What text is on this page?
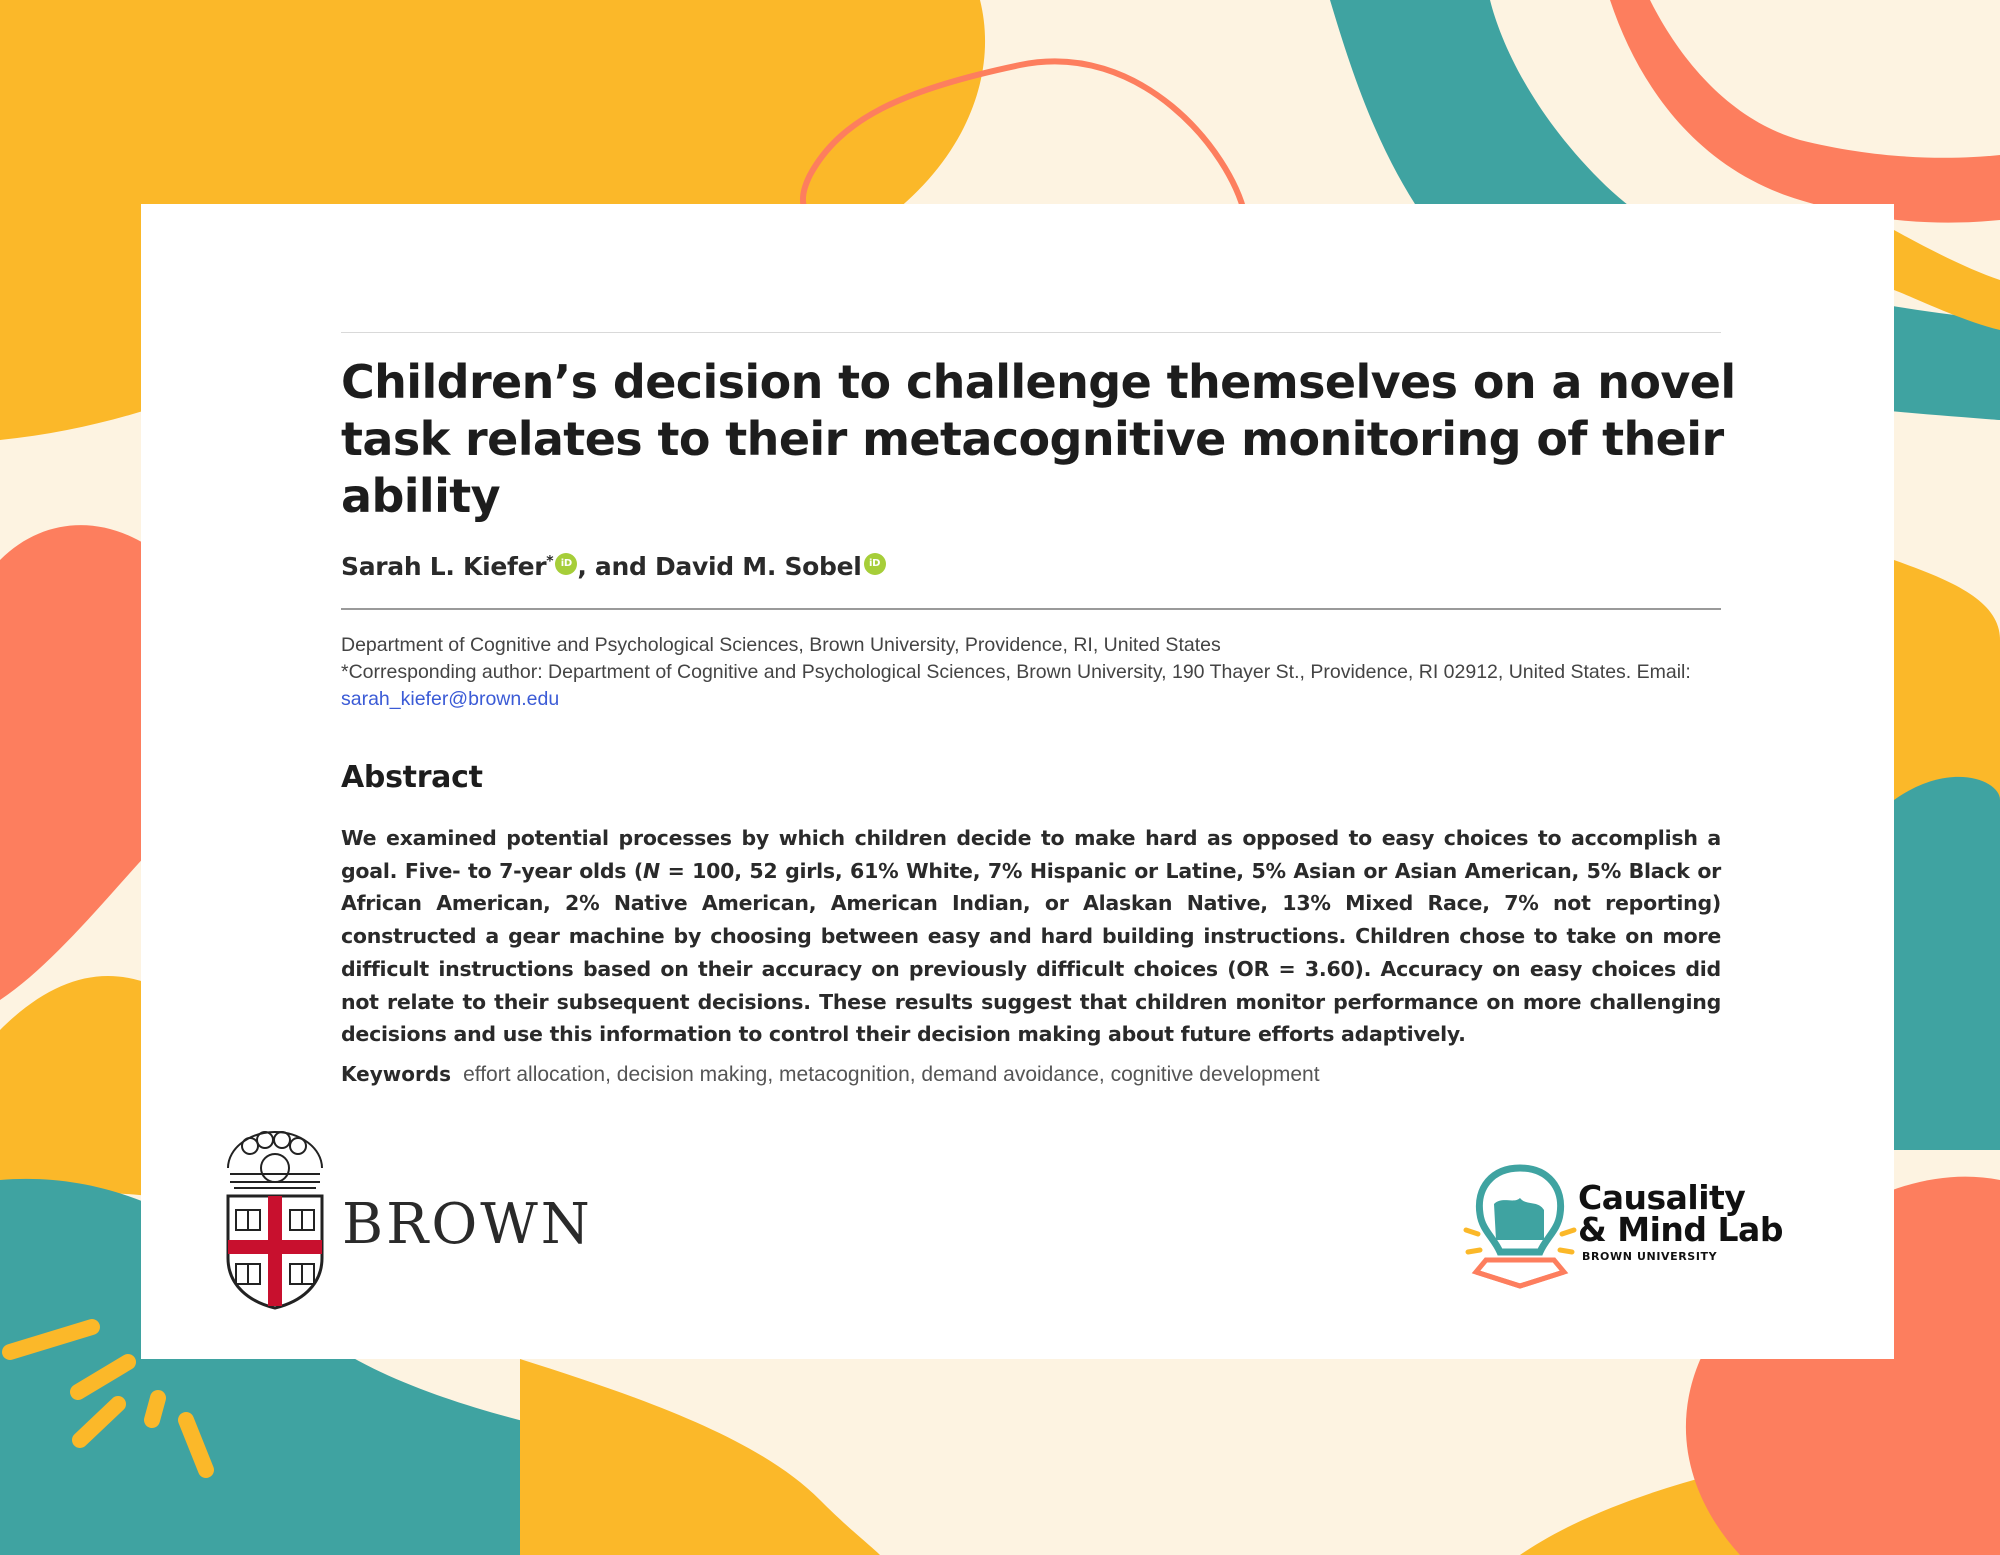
Children’s decision to challenge themselves on a novel task relates to their metacognitive monitoring of their ability
Sarah L. Kiefer* iD , and David M. Sobel iD
Department of Cognitive and Psychological Sciences, Brown University, Providence, RI, United States
*Corresponding author: Department of Cognitive and Psychological Sciences, Brown University, 190 Thayer St., Providence, RI 02912, United States. Email:
sarah_kiefer@brown.edu
Abstract

We examined potential processes by which children decide to make hard as opposed to easy choices to accomplish a goal. Five- to 7-year olds (N = 100, 52 girls, 61% White, 7% Hispanic or Latine, 5% Asian or Asian American, 5% Black or African American, 2% Native American, American Indian, or Alaskan Native, 13% Mixed Race, 7% not reporting) constructed a gear machine by choosing between easy and hard building instructions. Children chose to take on more difficult instructions based on their accuracy on previously difficult choices (OR = 3.60). Accuracy on easy choices did not relate to their subsequent decisions. These results suggest that children monitor performance on more challenging decisions and use this information to control their decision making about future efforts adaptively.

Keywords effort allocation, decision making, metacognition, demand avoidance, cognitive development
BROWN	Causality
& Mind Lab
BROWN UNIVERSITY
